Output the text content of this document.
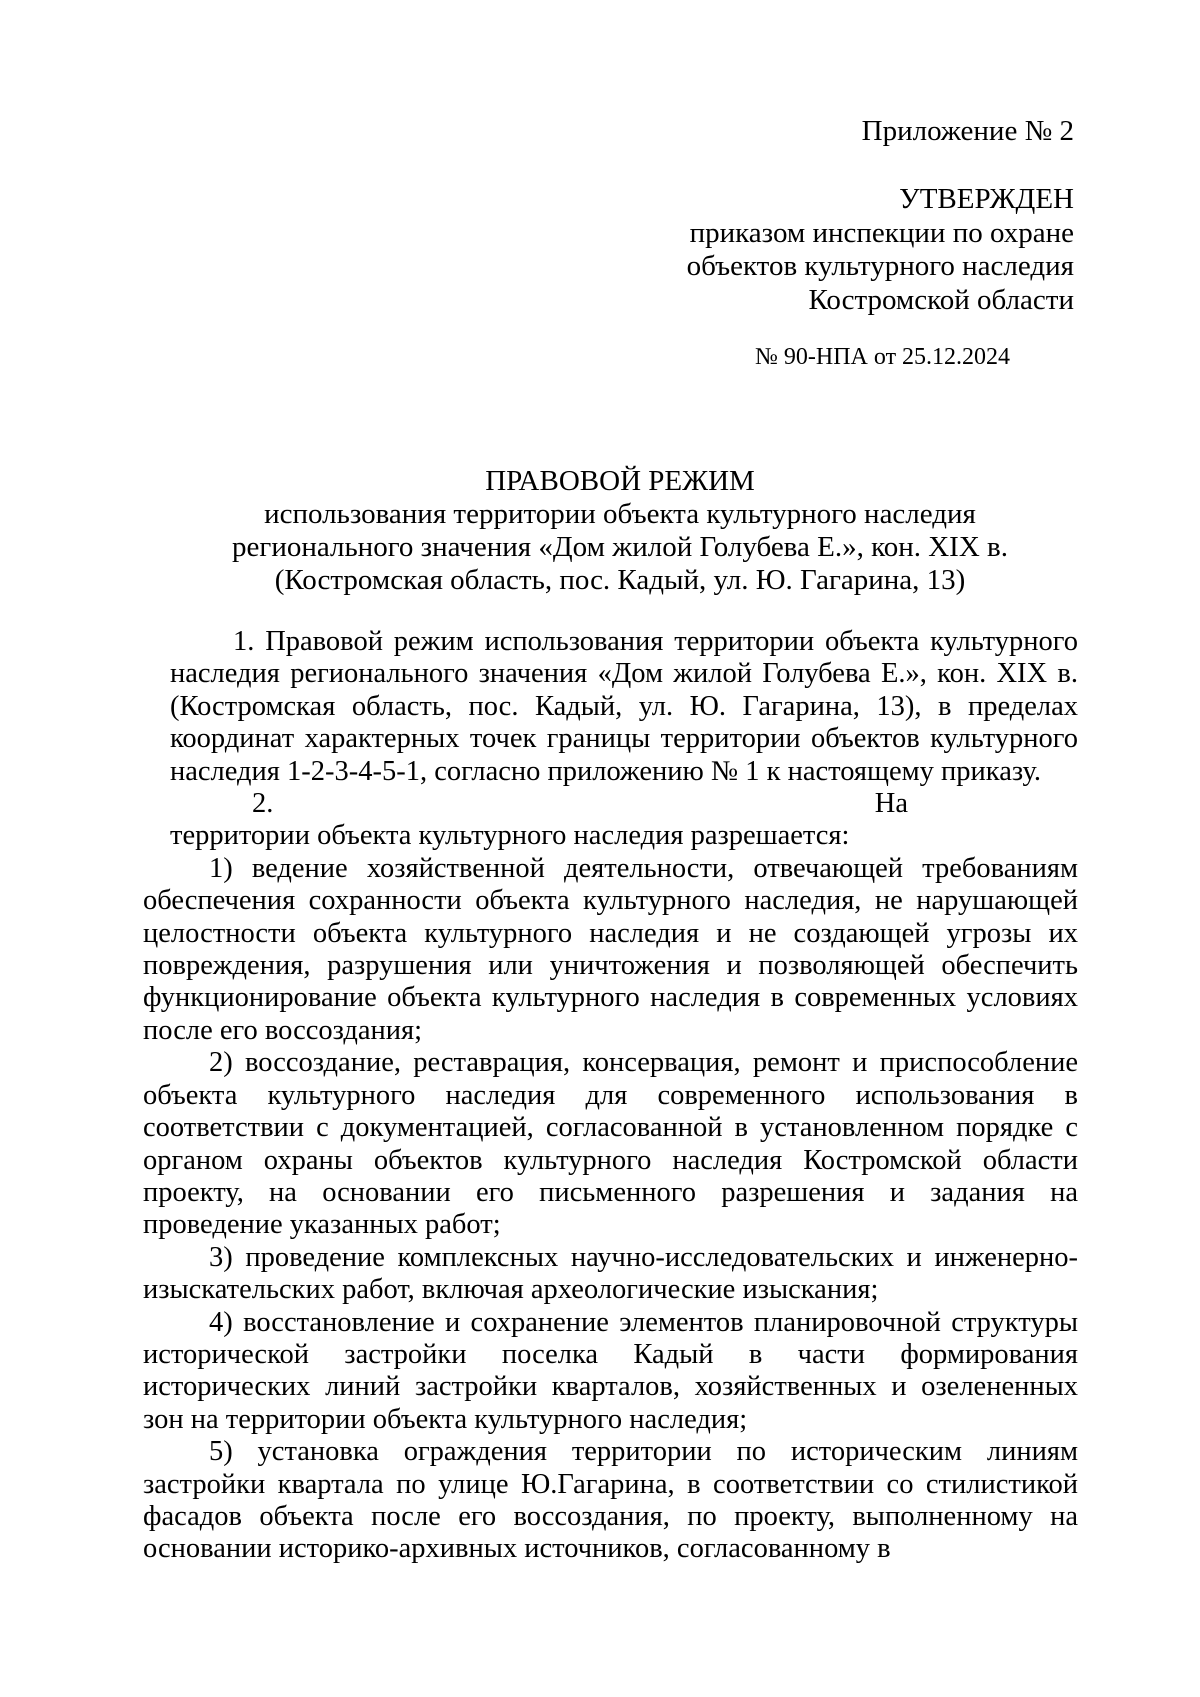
Приложение № 2
УТВЕРЖДЕН
приказом инспекции по охране
объектов культурного наследия
Костромской области
№ 90-НПА от 25.12.2024
ПРАВОВОЙ РЕЖИМ
использования территории объекта культурного наследия
регионального значения «Дом жилой Голубева Е.», кон. XIX в.
(Костромская область, пос. Кадый, ул. Ю. Гагарина, 13)

1. Правовой режим использования территории объекта культурного наследия регионального значения «Дом жилой Голубева Е.», кон. XIX в. (Костромская область, пос. Кадый, ул. Ю. Гагарина, 13), в пределах координат характерных точек границы территории объектов культурного наследия 1-2-3-4-5-1, согласно приложению № 1 к настоящему приказу.

2.	На
территории объекта культурного наследия разрешается:

1) ведение хозяйственной деятельности, отвечающей требованиям обеспечения сохранности объекта культурного наследия, не нарушающей целостности объекта культурного наследия и не создающей угрозы их повреждения, разрушения или уничтожения и позволяющей обеспечить функционирование объекта культурного наследия в современных условиях после его воссоздания;

2) воссоздание, реставрация, консервация, ремонт и приспособление объекта культурного наследия для современного использования в соответствии с документацией, согласованной в установленном порядке с органом охраны объектов культурного наследия Костромской области проекту, на основании его письменного разрешения и задания на проведение указанных работ;

3) проведение комплексных научно-исследовательских и инженерно-изыскательских работ, включая археологические изыскания;

4) восстановление и сохранение элементов планировочной структуры исторической застройки поселка Кадый в части формирования исторических линий застройки кварталов, хозяйственных и озелененных зон на территории объекта культурного наследия;

5) установка ограждения территории по историческим линиям застройки квартала по улице Ю.Гагарина, в соответствии со стилистикой фасадов объекта после его воссоздания, по проекту, выполненному на основании историко-архивных источников, согласованному в
